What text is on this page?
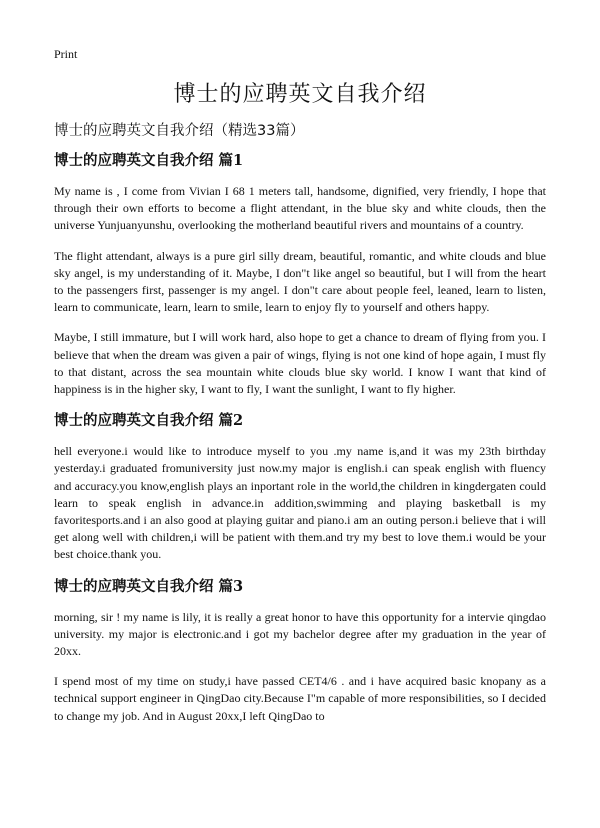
Print
博士的应聘英文自我介绍
博士的应聘英文自我介绍（精选33篇）
博士的应聘英文自我介绍 篇1

My name is , I come from Vivian I 68 1 meters tall, handsome, dignified, very friendly, I hope that through their own efforts to become a flight attendant, in the blue sky and white clouds, then the universe Yunjuanyunshu, overlooking the motherland beautiful rivers and mountains of a country.

The flight attendant, always is a pure girl silly dream, beautiful, romantic, and white clouds and blue sky angel, is my understanding of it. Maybe, I don"t like angel so beautiful, but I will from the heart to the passengers first, passenger is my angel. I don"t care about people feel, leaned, learn to listen, learn to communicate, learn, learn to smile, learn to enjoy fly to yourself and others happy.

Maybe, I still immature, but I will work hard, also hope to get a chance to dream of flying from you. I believe that when the dream was given a pair of wings, flying is not one kind of hope again, I must fly to that distant, across the sea mountain white clouds blue sky world. I know I want that kind of happiness is in the higher sky, I want to fly, I want the sunlight, I want to fly higher.

博士的应聘英文自我介绍 篇2

hell everyone.i would like to introduce myself to you .my name is,and it was my 23th birthday yesterday.i graduated fromuniversity just now.my major is english.i can speak english with fluency and accuracy.you know,english plays an inportant role in the world,the children in kingdergaten could learn to speak english in advance.in addition,swimming and playing basketball is my favoritesports.and i an also good at playing guitar and piano.i am an outing person.i believe that i will get along well with children,i will be patient with them.and try my best to love them.i would be your best choice.thank you.

博士的应聘英文自我介绍 篇3

morning, sir ! my name is lily, it is really a great honor to have this opportunity for a intervie qingdao university. my major is electronic.and i got my bachelor degree after my graduation in the year of 20xx.

I spend most of my time on study,i have passed CET4/6 . and i have acquired basic knopany as a technical support engineer in QingDao city.Because I"m capable of more responsibilities, so I decided to change my job. And in August 20xx,I left QingDao to
